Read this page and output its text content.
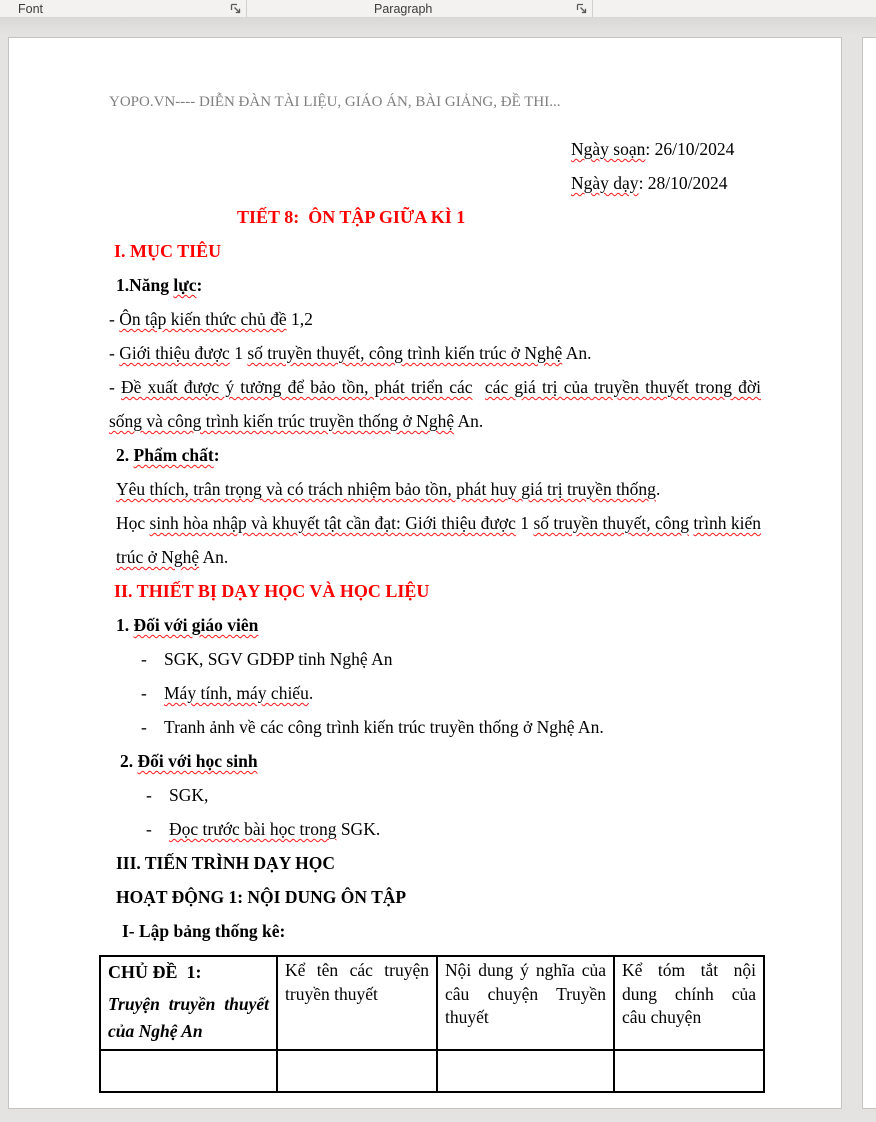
Font	Paragraph
YOPO.VN---- DIỄN ĐÀN TÀI LIỆU, GIÁO ÁN, BÀI GIẢNG, ĐỀ THI...
Ngày soạn: 26/10/2024
Ngày dạy: 28/10/2024
TIẾT 8:  ÔN TẬP GIỮA KÌ 1
I. MỤC TIÊU
1.Năng lực:
- Ôn tập kiến thức chủ đề 1,2
- Giới thiệu được 1 số truyền thuyết, công trình kiến trúc ở Nghệ An.
- Đề xuất được ý tưởng để bảo tồn, phát triển các các giá trị của truyền thuyết trong đời sống và công trình kiến trúc truyền thống ở Nghệ An.
2. Phẩm chất:
Yêu thích, trân trọng và có trách nhiệm bảo tồn, phát huy giá trị truyền thống.
Học sinh hòa nhập và khuyết tật cần đạt: Giới thiệu được 1 số truyền thuyết, công trình kiến trúc ở Nghệ An.
II. THIẾT BỊ DẠY HỌC VÀ HỌC LIỆU
1. Đối với giáo viên
- SGK, SGV GDĐP tỉnh Nghệ An
- Máy tính, máy chiếu.
- Tranh ảnh về các công trình kiến trúc truyền thống ở Nghệ An.
2. Đối với học sinh
- SGK,
- Đọc trước bài học trong SGK.
III. TIẾN TRÌNH DẠY HỌC
HOẠT ĐỘNG 1: NỘI DUNG ÔN TẬP
I- Lập bảng thống kê:
CHỦ ĐỀ  1:
Truyện truyền thuyết của Nghệ An	Kể tên các truyện truyền thuyết	Nội dung ý nghĩa của câu chuyện Truyền thuyết	Kể tóm tắt nội dung chính của câu chuyện
